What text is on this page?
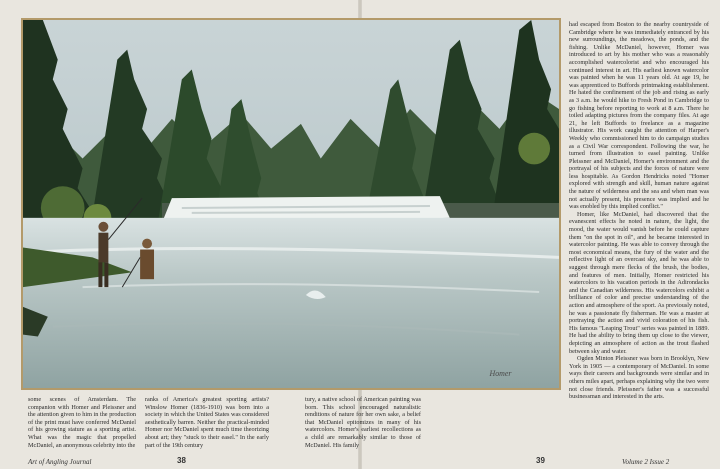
Homer

had escaped from Boston to the nearby countryside of Cambridge where he was immediately entranced by his new surroundings, the meadows, the ponds, and the fishing. Unlike McDaniel, however, Homer was introduced to art by his mother who was a reasonably accomplished watercolorist and who encouraged his continued interest in art. His earliest known watercolor was painted when he was 11 years old. At age 19, he was apprenticed to Buffords printmaking establishment. He hated the confinement of the job and rising as early as 3 a.m. he would hike to Fresh Pond in Cambridge to go fishing before reporting to work at 8 a.m. There he toiled adapting pictures from the company files. At age 21, he left Buffords to freelance as a magazine illustrator. His work caught the attention of Harper's Weekly who commissioned him to do campaign studies as a Civil War correspondent. Following the war, he turned from illustration to easel painting. Unlike Pleissner and McDaniel, Homer's environment and the portrayal of his subjects and the forces of nature were less hospitable. As Gordon Hendricks noted "Homer explored with strength and skill, human nature against the nature of wilderness and the sea and when man was not actually present, his presence was implied and he was enobled by this implied conflict."

Homer, like McDaniel, had discovered that the evanescent effects he noted in nature, the light, the mood, the water would vanish before he could capture them "on the spot in oil", and he became interested in watercolor painting. He was able to convey through the most economical means, the fury of the water and the reflective light of an overcast sky, and he was able to suggest through mere flecks of the brush, the bodies, and features of men. Initially, Homer restricted his watercolors to his vacation periods in the Adirondacks and the Canadian wilderness. His watercolors exhibit a brilliance of color and precise understanding of the action and atmosphere of the sport. As previously noted, he was a passionate fly fisherman. He was a master at portraying the action and vivid coloration of his fish. His famous "Leaping Trout" series was painted in 1889. He had the ability to bring them up close to the viewer, depicting an atmosphere of action as the trout flashed between sky and water.

Ogden Minton Pleissner was born in Brooklyn, New York in 1905 — a contemporary of McDaniel. In some ways their careers and backgrounds were similar and in others miles apart, perhaps explaining why the two were not close friends. Pleissner's father was a successful businessman and interested in the arts.

some scenes of Amsterdam. The companion with Homer and Pleissner and the attention given to him in the production of the print must have conferred McDaniel of his growing stature as a sporting artist. What was the magic that propelled McDaniel, an anonymous celebrity into the

ranks of America's greatest sporting artists? Winslow Homer (1836-1910) was born into a society in which the United States was considered aesthetically barren. Neither the practical-minded Homer nor McDaniel spent much time theorizing about art; they "stuck to their easel." In the early part of the 19th century

tury, a native school of American painting was born. This school encouraged naturalistic renditions of nature for her own sake, a belief that McDaniel epitomizes in many of his watercolors. Homer's earliest recollections as a child are remarkably similar to those of McDaniel. His family

Art of Angling Journal	38	39	Volume 2 Issue 2
